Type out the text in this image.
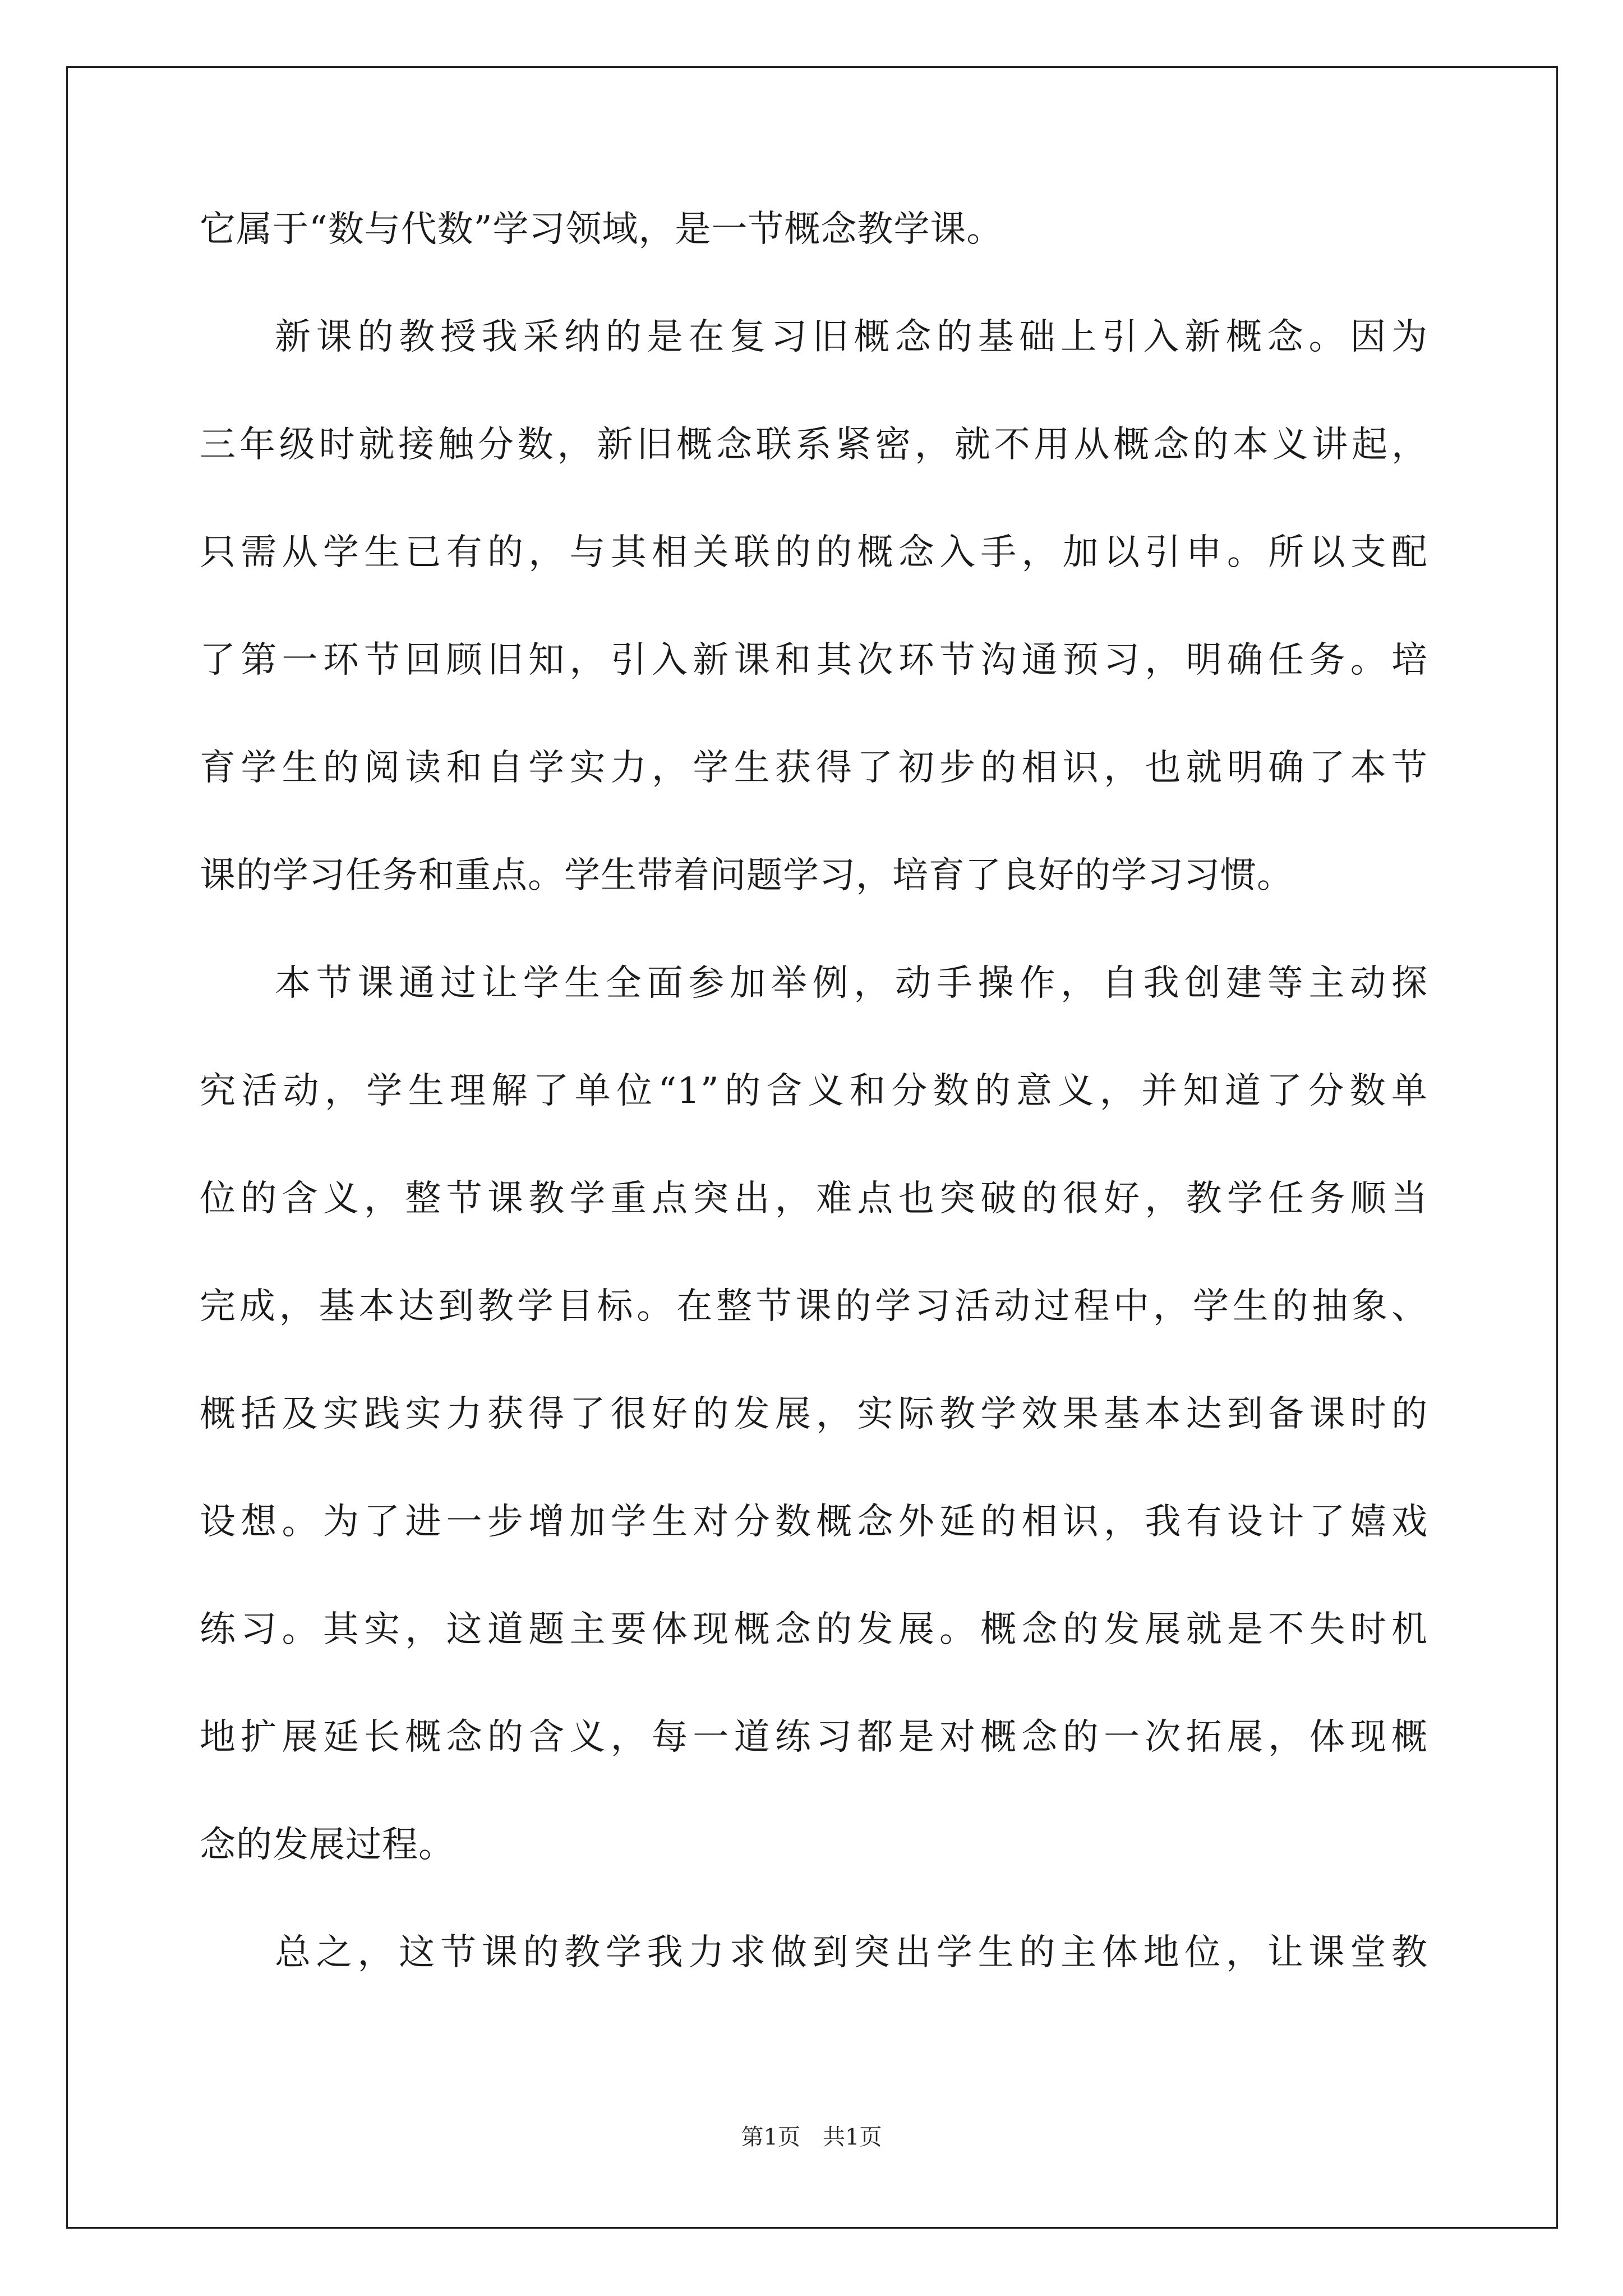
它属于“数与代数”学习领域，是一节概念教学课。
新课的教授我采纳的是在复习旧概念的基础上引入新概念。因为
三年级时就接触分数，新旧概念联系紧密，就不用从概念的本义讲起，
只需从学生已有的，与其相关联的的概念入手，加以引申。所以支配
了第一环节回顾旧知，引入新课和其次环节沟通预习，明确任务。培
育学生的阅读和自学实力，学生获得了初步的相识，也就明确了本节
课的学习任务和重点。学生带着问题学习，培育了良好的学习习惯。
本节课通过让学生全面参加举例，动手操作，自我创建等主动探
究活动，学生理解了单位“1”的含义和分数的意义，并知道了分数单
位的含义，整节课教学重点突出，难点也突破的很好，教学任务顺当
完成，基本达到教学目标。在整节课的学习活动过程中，学生的抽象、
概括及实践实力获得了很好的发展，实际教学效果基本达到备课时的
设想。为了进一步增加学生对分数概念外延的相识，我有设计了嬉戏
练习。其实，这道题主要体现概念的发展。概念的发展就是不失时机
地扩展延长概念的含义，每一道练习都是对概念的一次拓展，体现概
念的发展过程。
总之，这节课的教学我力求做到突出学生的主体地位，让课堂教
第1页　共1页
